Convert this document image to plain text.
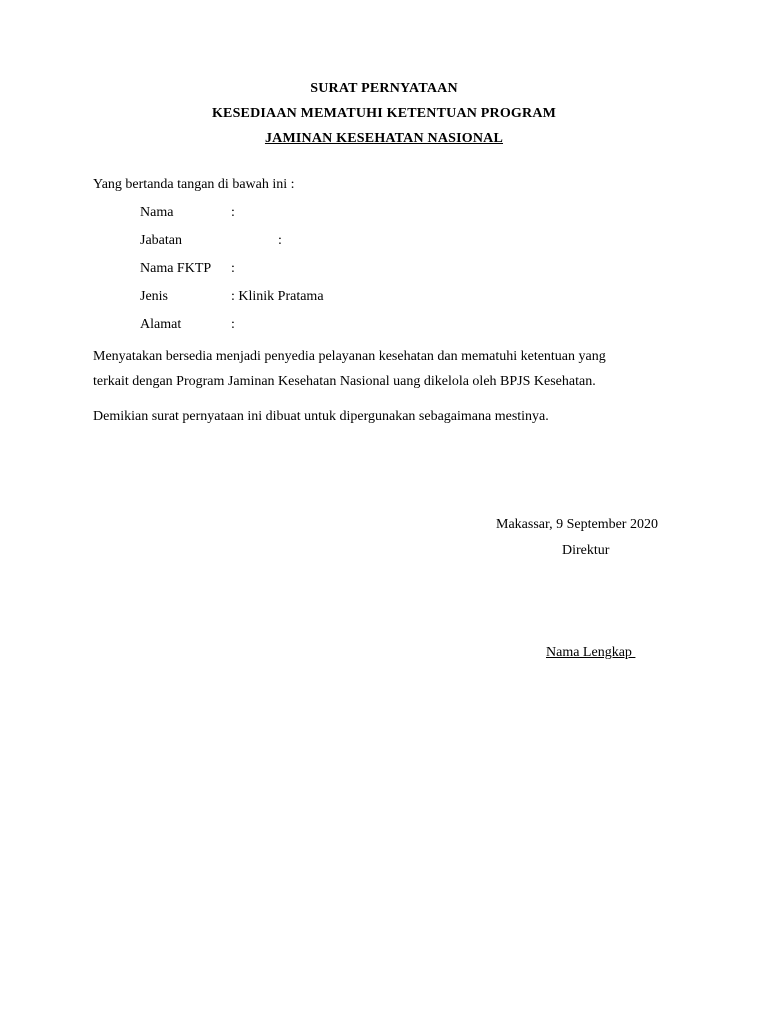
SURAT PERNYATAAN
KESEDIAAN MEMATUHI KETENTUAN PROGRAM
JAMINAN KESEHATAN NASIONAL
Yang bertanda tangan di bawah ini :
Nama	:
Jabatan	:
Nama FKTP :
Jenis	: Klinik Pratama
Alamat	:
Menyatakan bersedia menjadi penyedia pelayanan kesehatan dan mematuhi ketentuan yang
terkait dengan Program Jaminan Kesehatan Nasional uang dikelola oleh BPJS Kesehatan.
Demikian surat pernyataan ini dibuat untuk dipergunakan sebagaimana mestinya.
Makassar, 9 September 2020
Direktur
Nama Lengkap
